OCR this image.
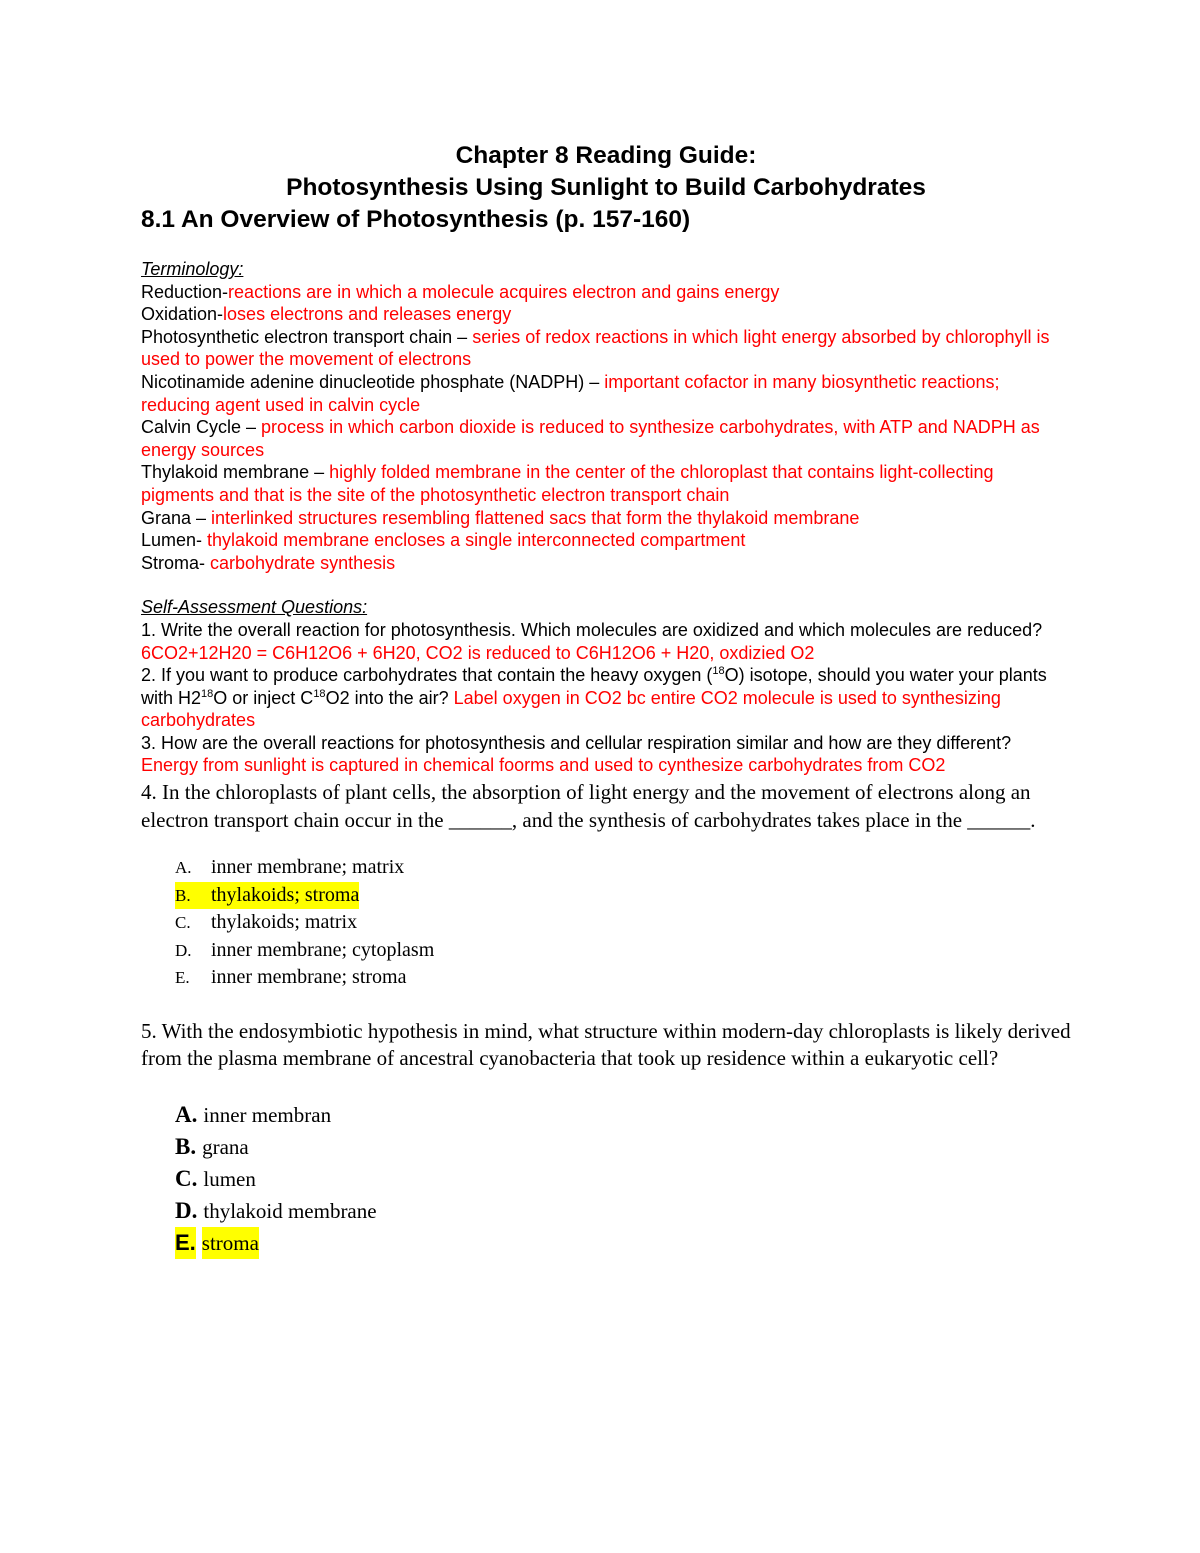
Chapter 8 Reading Guide:
Photosynthesis Using Sunlight to Build Carbohydrates
8.1 An Overview of Photosynthesis (p. 157-160)
Terminology:
Reduction-reactions are in which a molecule acquires electron and gains energy
Oxidation-loses electrons and releases energy
Photosynthetic electron transport chain – series of redox reactions in which light energy absorbed by chlorophyll is used to power the movement of electrons
Nicotinamide adenine dinucleotide phosphate (NADPH) – important cofactor in many biosynthetic reactions; reducing agent used in calvin cycle
Calvin Cycle – process in which carbon dioxide is reduced to synthesize carbohydrates, with ATP and NADPH as energy sources
Thylakoid membrane – highly folded membrane in the center of the chloroplast that contains light-collecting pigments and that is the site of the photosynthetic electron transport chain
Grana – interlinked structures resembling flattened sacs that form the thylakoid membrane
Lumen- thylakoid membrane encloses a single interconnected compartment
Stroma- carbohydrate synthesis
Self-Assessment Questions:
1. Write the overall reaction for photosynthesis. Which molecules are oxidized and which molecules are reduced? 6CO2+12H20 = C6H12O6 + 6H20, CO2 is reduced to C6H12O6 + H20, oxdizied O2
2. If you want to produce carbohydrates that contain the heavy oxygen ($^{18}$O) isotope, should you water your plants with $H2^{18}O$ or inject $C^{18}O2$ into the air? Label oxygen in CO2 bc entire CO2 molecule is used to synthesizing carbohydrates
3. How are the overall reactions for photosynthesis and cellular respiration similar and how are they different? Energy from sunlight is captured in chemical foorms and used to cynthesize carbohydrates from CO2
4. In the chloroplasts of plant cells, the absorption of light energy and the movement of electrons along an electron transport chain occur in the ______, and the synthesis of carbohydrates takes place in the ______.
A. inner membrane; matrix
B.	thylakoids; stroma
C.	thylakoids; matrix
D. inner membrane; cytoplasm
E.	inner membrane; stroma
5. With the endosymbiotic hypothesis in mind, what structure within modern-day chloroplasts is likely derived from the plasma membrane of ancestral cyanobacteria that took up residence within a eukaryotic cell?
A. inner membran
B. grana
C. lumen
D. thylakoid membrane
E. stroma
